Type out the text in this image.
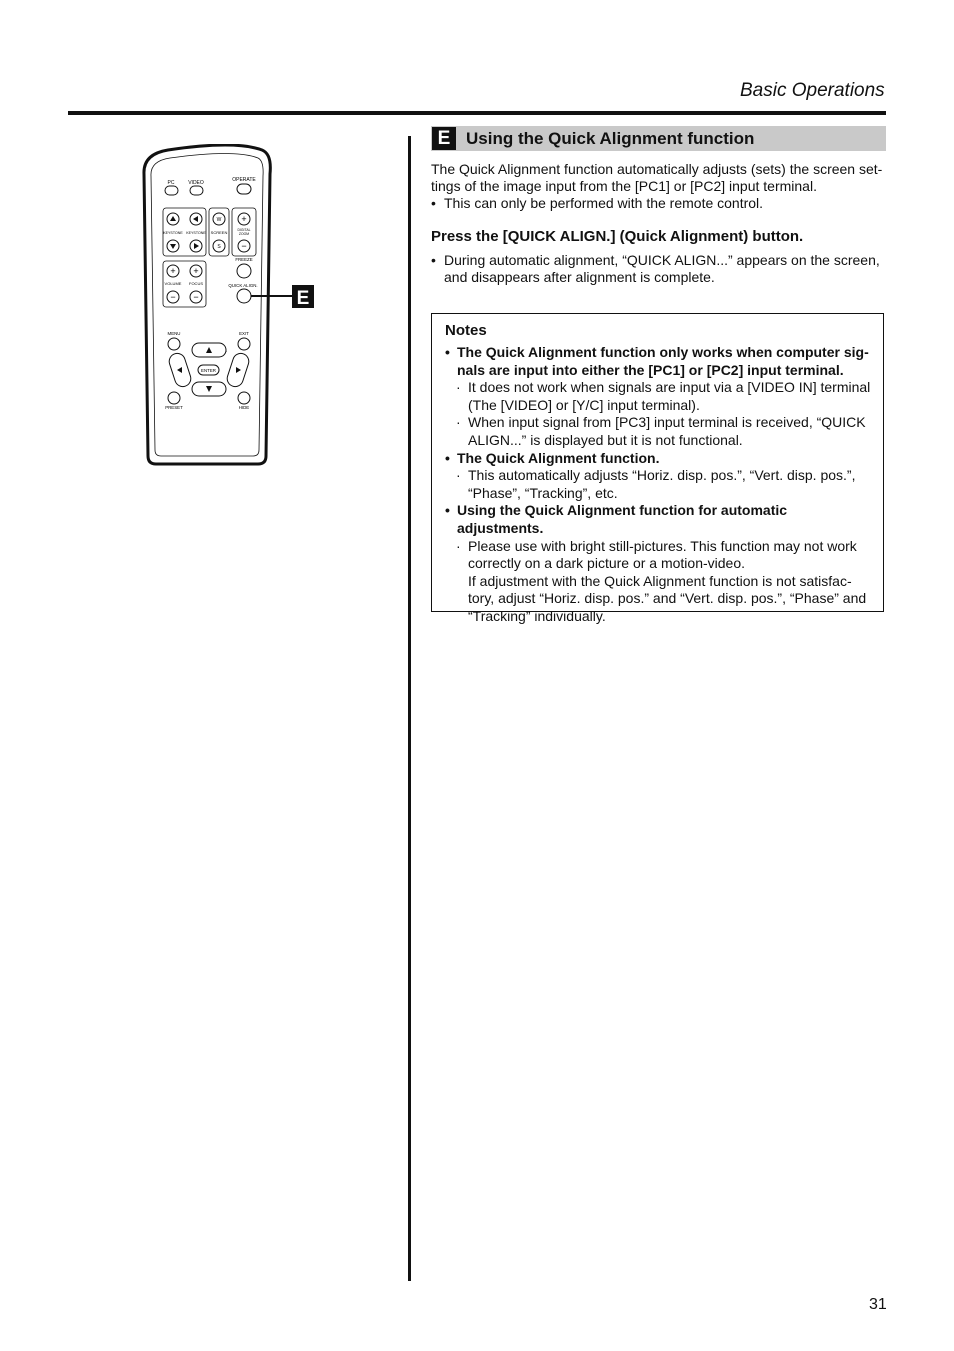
Basic Operations
PC	VIDEO	OPERATE
KEYSTONE KEYSTONE
W
SCREEN
S
+
DIGITAL
ZOOM
−
FREEZE
+ +
VOLUME FOCUS
− −
QUICK ALIGN.
E
MENU	EXIT
ENTER
PRESET	HIDE
E Using the Quick Alignment function

The Quick Alignment function automatically adjusts (sets) the screen set-

tings of the image input from the [PC1] or [PC2] input terminal.

• This can only be performed with the remote control.

Press the [QUICK ALIGN.] (Quick Alignment) button.
• During automatic alignment, “QUICK ALIGN...” appears on the screen,
and disappears after alignment is complete.
Notes

• The Quick Alignment function only works when computer sig-
nals are input into either the [PC1] or [PC2] input terminal.

· It does not work when signals are input via a [VIDEO IN] terminal
(The [VIDEO] or [Y/C] input terminal).

· When input signal from [PC3] input terminal is received, “QUICK
ALIGN...” is displayed but it is not functional.

• The Quick Alignment function.

· This automatically adjusts “Horiz. disp. pos.”, “Vert. disp. pos.”,
“Phase”, “Tracking”, etc.

• Using the Quick Alignment function for automatic adjustments.

· Please use with bright still-pictures. This function may not work
correctly on a dark picture or a motion-video.

If adjustment with the Quick Alignment function is not satisfac-
tory, adjust “Horiz. disp. pos.” and “Vert. disp. pos.”, “Phase” and
“Tracking” individually.

31
